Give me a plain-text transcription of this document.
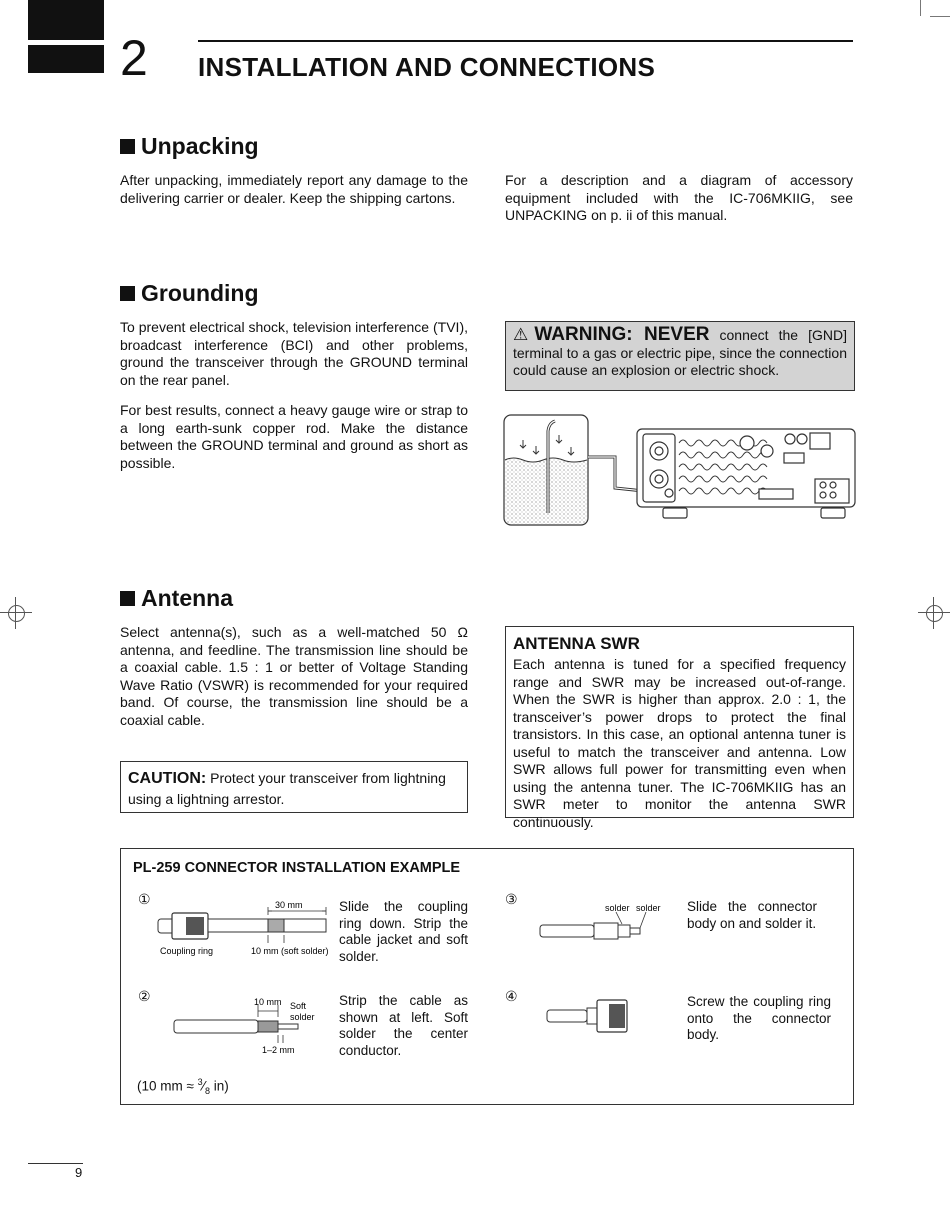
2 INSTALLATION AND CONNECTIONS
Unpacking

After unpacking, immediately report any damage to the delivering carrier or dealer. Keep the shipping cartons.

For a description and a diagram of accessory equipment included with the IC-706MKIIG, see UNPACKING on p. ii of this manual.

Grounding

To prevent electrical shock, television interference (TVI), broadcast interference (BCI) and other problems, ground the transceiver through the GROUND terminal on the rear panel.

For best results, connect a heavy gauge wire or strap to a long earth-sunk copper rod. Make the distance between the GROUND terminal and ground as short as possible.

⚠WARNING: NEVER connect the [GND] terminal to a gas or electric pipe, since the connection could cause an explosion or electric shock.
Antenna

Select antenna(s), such as a well-matched 50 Ω antenna, and feedline. The transmission line should be a coaxial cable. 1.5 : 1 or better of Voltage Standing Wave Ratio (VSWR) is recommended for your required band. Of course, the transmission line should be a coaxial cable.

CAUTION: Protect your transceiver from lightning using a lightning arrestor.
ANTENNA SWR

Each antenna is tuned for a specified frequency range and SWR may be increased out-of-range. When the SWR is higher than approx. 2.0 : 1, the transceiver’s power drops to protect the final transistors. In this case, an optional antenna tuner is useful to match the transceiver and antenna. Low SWR allows full power for transmitting even when using the antenna tuner. The IC-706MKIIG has an SWR meter to monitor the antenna SWR continuously.

PL-259 CONNECTOR INSTALLATION EXAMPLE
①	30 mm
Coupling ring	10 mm (soft solder)

Slide the coupling ring down. Strip the cable jacket and soft solder.

②	10 mm Soft
solder
1–2 mm

Strip the cable as shown at left. Soft solder the center conductor.

③
solder solder Slide the connector body on and solder it.

④	Screw the coupling ring onto the connector body.

(10 mm ≈ $^3⁄_8$ in)
9
